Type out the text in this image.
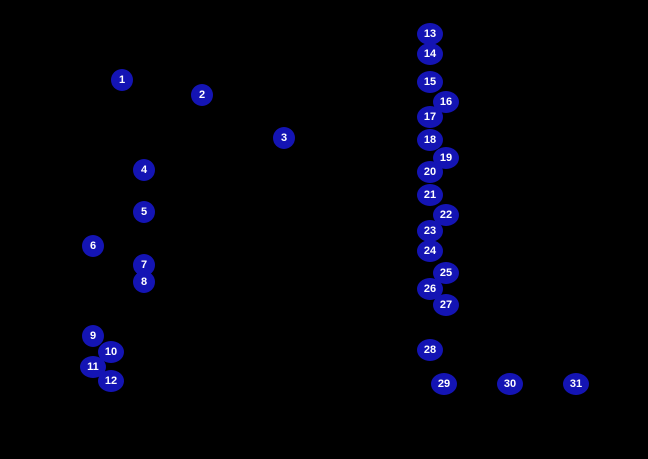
1
2
3
4
5
6
7
8
9
10
11
12
13
14
15
16
17
18
19
20
21
22
23
24
25
26
27
28
29	30	31
